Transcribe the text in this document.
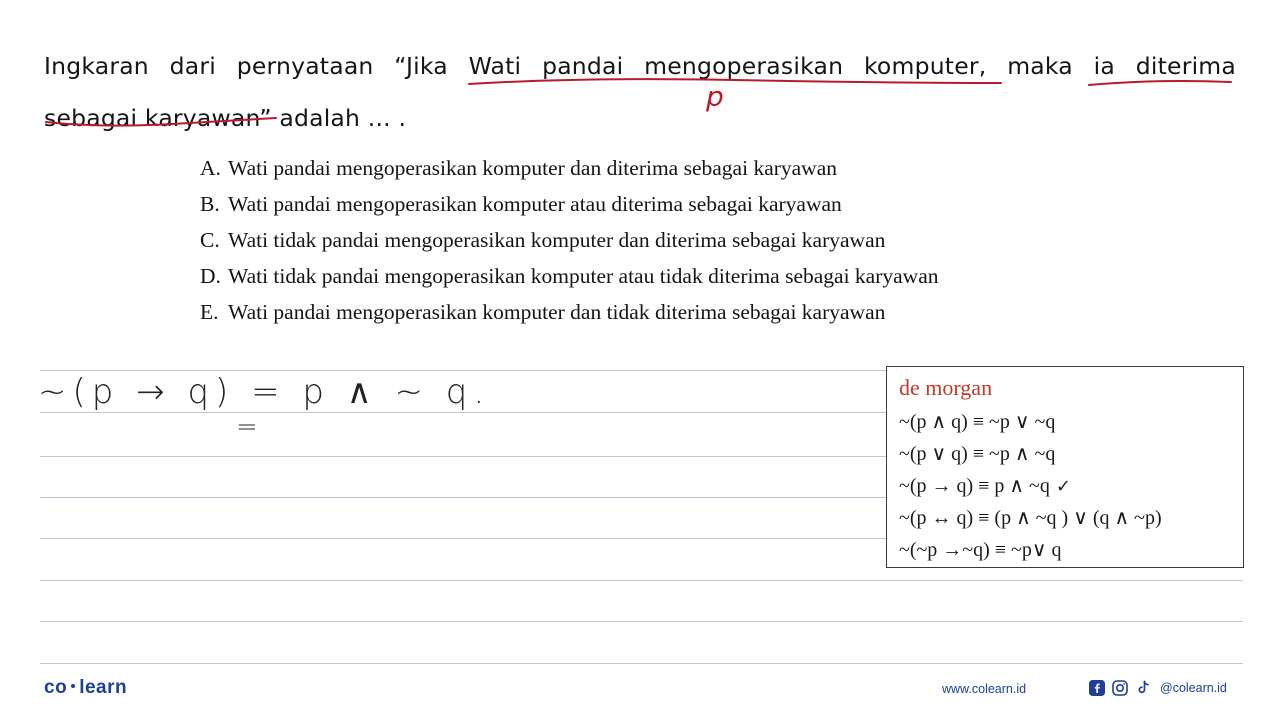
Ingkaran dari pernyataan “Jika Wati pandai mengoperasikan komputer, maka ia diterima
sebagai karyawan” adalah ... .
p
A. Wati pandai mengoperasikan komputer dan diterima sebagai karyawan
B. Wati pandai mengoperasikan komputer atau diterima sebagai karyawan
C. Wati tidak pandai mengoperasikan komputer dan diterima sebagai karyawan
D. Wati tidak pandai mengoperasikan komputer atau tidak diterima sebagai karyawan
E. Wati pandai mengoperasikan komputer dan tidak diterima sebagai karyawan
~(p → q) = p ∧ ~ q.
=
de morgan
~(p ∧ q) ≡ ~p ∨ ~q
~(p ∨ q) ≡ ~p ∧ ~q
~(p → q) ≡ p ∧ ~q ✓
~(p ↔ q) ≡ (p ∧ ~q ) ∨ (q ∧ ~p)
~(~p →~q) ≡ ~p∨ q
co learn	www.colearn.id	@colearn.id
